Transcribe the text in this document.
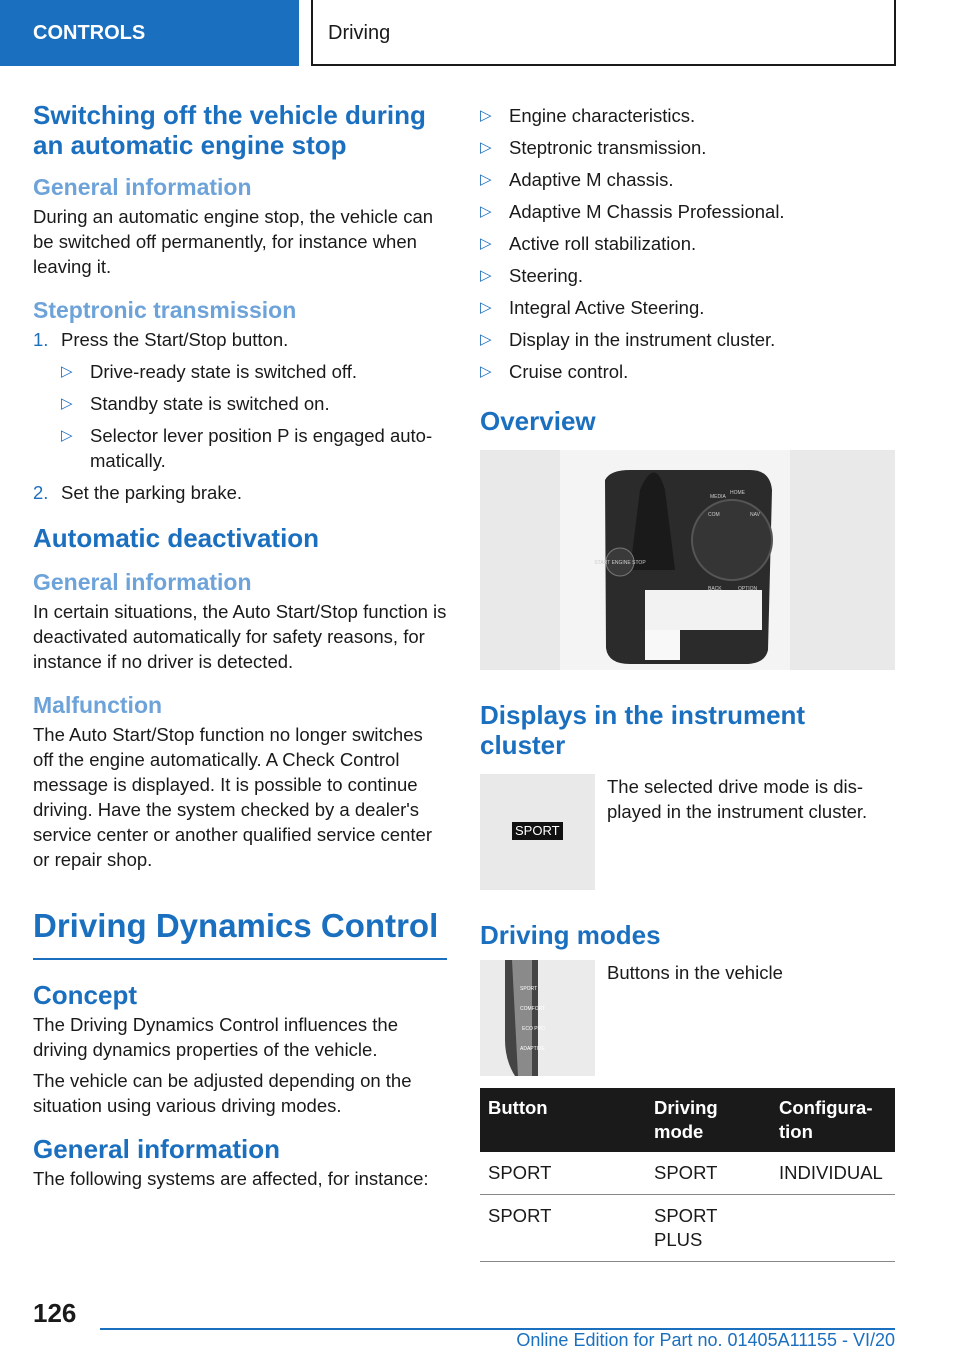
CONTROLS	Driving
Switching off the vehicle during an automatic engine stop
General information
During an automatic engine stop, the vehicle can be switched off permanently, for instance when leaving it.
Steptronic transmission
1. Press the Start/Stop button.
▷ Drive-ready state is switched off.
▷ Standby state is switched on.
▷ Selector lever position P is engaged auto-matically.
2. Set the parking brake.
Automatic deactivation
General information
In certain situations, the Auto Start/Stop function is deactivated automatically for safety reasons, for instance if no driver is detected.
Malfunction
The Auto Start/Stop function no longer switches off the engine automatically. A Check Control message is displayed. It is possible to continue driving. Have the system checked by a dealer's service center or another qualified service center or repair shop.
Driving Dynamics Control
Concept
The Driving Dynamics Control influences the driving dynamics properties of the vehicle.
The vehicle can be adjusted depending on the situation using various driving modes.
General information
The following systems are affected, for instance:
▷ Engine characteristics.
▷ Steptronic transmission.
▷ Adaptive M chassis.
▷ Adaptive M Chassis Professional.
▷ Active roll stabilization.
▷ Steering.
▷ Integral Active Steering.
▷ Display in the instrument cluster.
▷ Cruise control.
Overview
START ENGINE STOP
MEDIA
HOME
BACK	OPTION
NAV
COM
Displays in the instrument cluster
SPORT
The selected drive mode is dis-played in the instrument cluster.
Driving modes
SPORT
COMFORT
ECO PRO
ADAPTIVE
Buttons in the vehicle
Button	Driving mode	Configura-tion
SPORT	SPORT	INDIVIDUAL
SPORT	SPORT PLUS	
126
Online Edition for Part no. 01405A11155 - VI/20
